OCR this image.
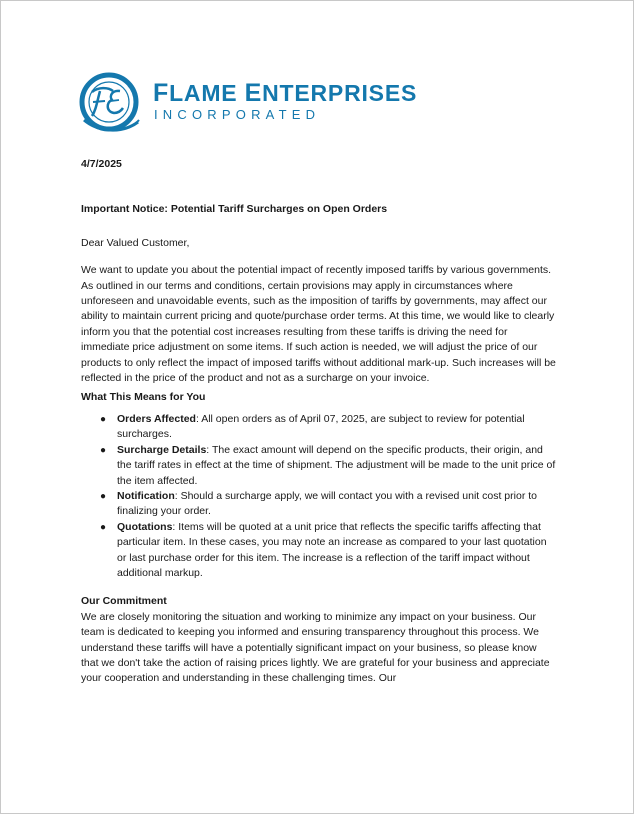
FLAME ENTERPRISES
INCORPORATED

4/7/2025

Important Notice: Potential Tariff Surcharges on Open Orders

Dear Valued Customer,

We want to update you about the potential impact of recently imposed tariffs by various governments. As outlined in our terms and conditions, certain provisions may apply in circumstances where unforeseen and unavoidable events, such as the imposition of tariffs by governments, may affect our ability to maintain current pricing and quote/purchase order terms. At this time, we would like to clearly inform you that the potential cost increases resulting from these tariffs is driving the need for immediate price adjustment on some items. If such action is needed, we will adjust the price of our products to only reflect the impact of imposed tariffs without additional mark-up. Such increases will be reflected in the price of the product and not as a surcharge on your invoice.

What This Means for You

● Orders Affected: All open orders as of April 07, 2025, are subject to review for potential surcharges.
● Surcharge Details: The exact amount will depend on the specific products, their origin, and the tariff rates in effect at the time of shipment. The adjustment will be made to the unit price of the item affected.
● Notification: Should a surcharge apply, we will contact you with a revised unit cost prior to finalizing your order.
● Quotations: Items will be quoted at a unit price that reflects the specific tariffs affecting that particular item. In these cases, you may note an increase as compared to your last quotation or last purchase order for this item. The increase is a reflection of the tariff impact without additional markup.

Our Commitment

We are closely monitoring the situation and working to minimize any impact on your business. Our team is dedicated to keeping you informed and ensuring transparency throughout this process. We understand these tariffs will have a potentially significant impact on your business, so please know that we don't take the action of raising prices lightly. We are grateful for your business and appreciate your cooperation and understanding in these challenging times. Our
